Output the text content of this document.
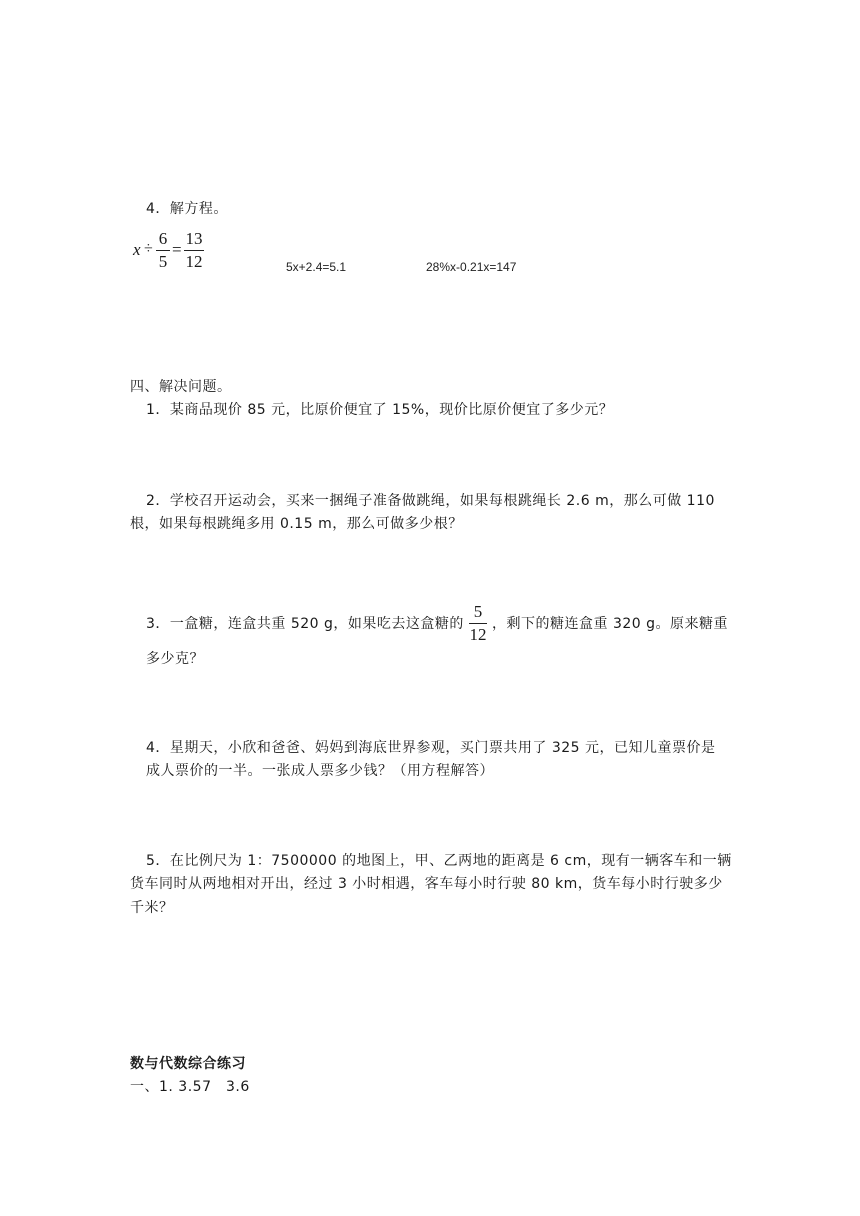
4．解方程。
x ÷
6
5
=
13
12	5x+2.4=5.1	28%x-0.21x=147
四、解决问题。
1．某商品现价 85 元，比原价便宜了 15%，现价比原价便宜了多少元？
2．学校召开运动会，买来一捆绳子准备做跳绳，如果每根跳绳长 2.6 m，那么可做 110
根，如果每根跳绳多用 0.15 m，那么可做多少根？
3．一盒糖，连盒共重 520 g，如果吃去这盒糖的
5
12
，剩下的糖连盒重 320 g。原来糖重
多少克？
4．星期天，小欣和爸爸、妈妈到海底世界参观，买门票共用了 325 元，已知儿童票价是
成人票价的一半。一张成人票多少钱？（用方程解答）
5．在比例尺为 1：7500000 的地图上，甲、乙两地的距离是 6 cm，现有一辆客车和一辆
货车同时从两地相对开出，经过 3 小时相遇，客车每小时行驶 80 km，货车每小时行驶多少
千米？
数与代数综合练习
一、1. 3.57　3.6
